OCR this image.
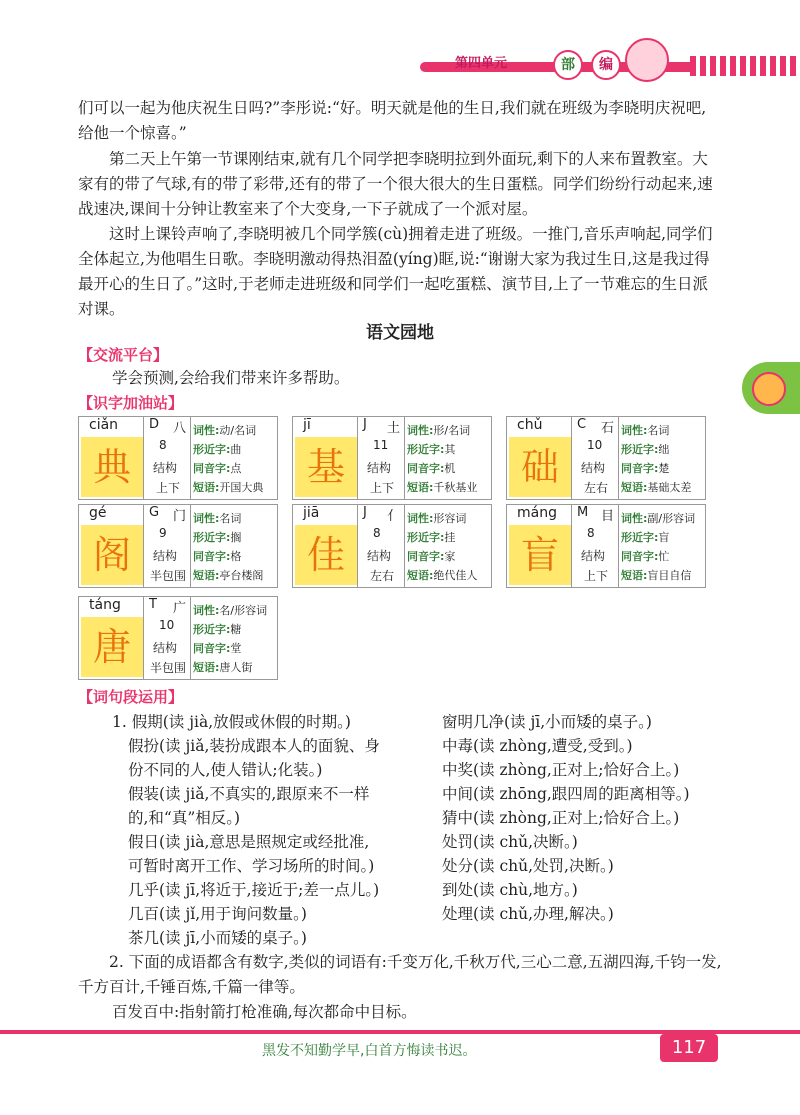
第四单元	部	编
们可以一起为他庆祝生日吗?”李彤说:“好。明天就是他的生日,我们就在班级为李晓明庆祝吧,给他一个惊喜。”
第二天上午第一节课刚结束,就有几个同学把李晓明拉到外面玩,剩下的人来布置教室。大家有的带了气球,有的带了彩带,还有的带了一个很大很大的生日蛋糕。同学们纷纷行动起来,速战速决,课间十分钟让教室来了个大变身,一下子就成了一个派对屋。
这时上课铃声响了,李晓明被几个同学簇(cù)拥着走进了班级。一推门,音乐声响起,同学们全体起立,为他唱生日歌。李晓明激动得热泪盈(yíng)眶,说:“谢谢大家为我过生日,这是我过得最开心的生日了。”这时,于老师走进班级和同学们一起吃蛋糕、演节目,上了一节难忘的生日派对课。
语文园地
【交流平台】
学会预测,会给我们带来许多帮助。
【识字加油站】
ciǎn D 八
典	8
结构
上下
词性:动/名词
形近字:曲
同音字:点
短语:开国大典
jī	J 土
基	11
结构
上下
词性:形/名词
形近字:其
同音字:机
短语:千秋基业
chǔ	C 石
础	10
结构
左右
词性:名词
形近字:绌
同音字:楚
短语:基础太差
gé	G 门
阁	9
结构
半包围
词性:名词
形近字:搁
同音字:格
短语:亭台楼阁
jiā	J 亻
佳	8
结构
左右
词性:形容词
形近字:挂
同音字:家
短语:绝代佳人
máng M 目
盲	8
结构
上下
词性:副/形容词
形近字:盲
同音字:忙
短语:盲目自信
táng T 广
唐	10
结构
半包围
词性:名/形容词
形近字:糖
同音字:堂
短语:唐人街
【词句段运用】
1. 假期(读 jià,放假或休假的时期。)
假扮(读 jiǎ,装扮成跟本人的面貌、身
份不同的人,使人错认;化装。)
假装(读 jiǎ,不真实的,跟原来不一样
的,和“真”相反。)
假日(读 jià,意思是照规定或经批准,
可暂时离开工作、学习场所的时间。)
几乎(读 jī,将近于,接近于;差一点儿。)
几百(读 jǐ,用于询问数量。)
茶几(读 jī,小而矮的桌子。)
窗明几净(读 jī,小而矮的桌子。)
中毒(读 zhòng,遭受,受到。)
中奖(读 zhòng,正对上;恰好合上。)
中间(读 zhōng,跟四周的距离相等。)
猜中(读 zhòng,正对上;恰好合上。)
处罚(读 chǔ,决断。)
处分(读 chǔ,处罚,决断。)
到处(读 chù,地方。)
处理(读 chǔ,办理,解决。)
2. 下面的成语都含有数字,类似的词语有:千变万化,千秋万代,三心二意,五湖四海,千钧一发,千方百计,千锤百炼,千篇一律等。
百发百中:指射箭打枪准确,每次都命中目标。
黑发不知勤学早,白首方悔读书迟。	117
